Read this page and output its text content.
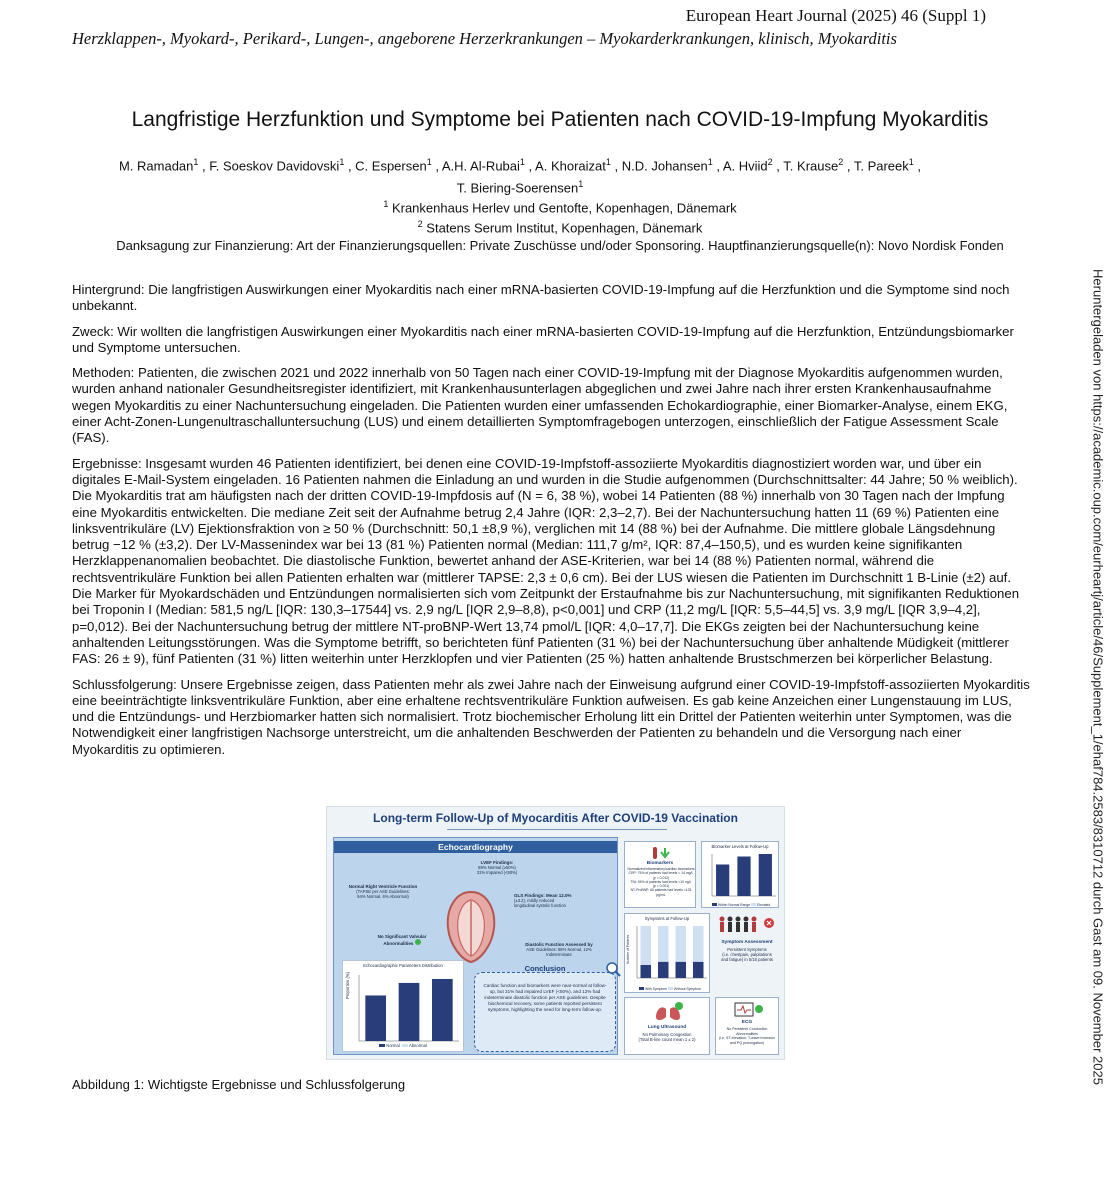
European Heart Journal (2025) 46 (Suppl 1)
Herzklappen-, Myokard-, Perikard-, Lungen-, angeborene Herzerkrankungen – Myokarderkrankungen, klinisch, Myokarditis
Langfristige Herzfunktion und Symptome bei Patienten nach COVID-19-Impfung Myokarditis
M. Ramadan$^1$ , F. Soeskov Davidovski$^1$ , C. Espersen$^1$ , A.H. Al-Rubai$^1$ , A. Khoraizat$^1$ , N.D. Johansen$^1$ , A. Hviid$^2$ , T. Krause$^2$ , T. Pareek$^1$ ,
T. Biering-Soerensen$^1$
$^1$ Krankenhaus Herlev und Gentofte, Kopenhagen, Dänemark
$^2$ Statens Serum Institut, Kopenhagen, Dänemark
Danksagung zur Finanzierung: Art der Finanzierungsquellen: Private Zuschüsse und/oder Sponsoring. Hauptfinanzierungsquelle(n): Novo Nordisk Fonden

Hintergrund: Die langfristigen Auswirkungen einer Myokarditis nach einer mRNA-basierten COVID-19-Impfung auf die Herzfunktion und die Symptome sind noch unbekannt.

Zweck: Wir wollten die langfristigen Auswirkungen einer Myokarditis nach einer mRNA-basierten COVID-19-Impfung auf die Herzfunktion, Entzündungsbiomarker und Symptome untersuchen.

Methoden: Patienten, die zwischen 2021 und 2022 innerhalb von 50 Tagen nach einer COVID-19-Impfung mit der Diagnose Myokarditis aufgenommen wurden, wurden anhand nationaler Gesundheitsregister identifiziert, mit Krankenhausunterlagen abgeglichen und zwei Jahre nach ihrer ersten Krankenhausaufnahme wegen Myokarditis zu einer Nachuntersuchung eingeladen. Die Patienten wurden einer umfassenden Echokardiographie, einer Biomarker-Analyse, einem EKG, einer Acht-Zonen-Lungenultraschalluntersuchung (LUS) und einem detaillierten Symptomfragebogen unterzogen, einschließlich der Fatigue Assessment Scale (FAS).

Ergebnisse: Insgesamt wurden 46 Patienten identifiziert, bei denen eine COVID-19-Impfstoff-assoziierte Myokarditis diagnostiziert worden war, und über ein digitales E-Mail-System eingeladen. 16 Patienten nahmen die Einladung an und wurden in die Studie aufgenommen (Durchschnittsalter: 44 Jahre; 50 % weiblich). Die Myokarditis trat am häufigsten nach der dritten COVID-19-Impfdosis auf (N = 6, 38 %), wobei 14 Patienten (88 %) innerhalb von 30 Tagen nach der Impfung eine Myokarditis entwickelten. Die mediane Zeit seit der Aufnahme betrug 2,4 Jahre (IQR: 2,3–2,7). Bei der Nachuntersuchung hatten 11 (69 %) Patienten eine linksventrikuläre (LV) Ejektionsfraktion von ≥ 50 % (Durchschnitt: 50,1 ±8,9 %), verglichen mit 14 (88 %) bei der Aufnahme. Die mittlere globale Längsdehnung betrug −12 % (±3,2). Der LV-Massenindex war bei 13 (81 %) Patienten normal (Median: 111,7 g/m², IQR: 87,4–150,5), und es wurden keine signifikanten Herzklappenanomalien beobachtet. Die diastolische Funktion, bewertet anhand der ASE-Kriterien, war bei 14 (88 %) Patienten normal, während die rechtsventrikuläre Funktion bei allen Patienten erhalten war (mittlerer TAPSE: 2,3 ± 0,6 cm). Bei der LUS wiesen die Patienten im Durchschnitt 1 B-Linie (±2) auf. Die Marker für Myokardschäden und Entzündungen normalisierten sich vom Zeitpunkt der Erstaufnahme bis zur Nachuntersuchung, mit signifikanten Reduktionen bei Troponin I (Median: 581,5 ng/L [IQR: 130,3–17544] vs. 2,9 ng/L [IQR 2,9–8,8), p<0,001] und CRP (11,2 mg/L [IQR: 5,5–44,5] vs. 3,9 mg/L [IQR 3,9–4,2], p=0,012). Bei der Nachuntersuchung betrug der mittlere NT-proBNP-Wert 13,74 pmol/L [IQR: 4,0–17,7]. Die EKGs zeigten bei der Nachuntersuchung keine anhaltenden Leitungsstörungen. Was die Symptome betrifft, so berichteten fünf Patienten (31 %) bei der Nachuntersuchung über anhaltende Müdigkeit (mittlerer FAS: 26 ± 9), fünf Patienten (31 %) litten weiterhin unter Herzklopfen und vier Patienten (25 %) hatten anhaltende Brustschmerzen bei körperlicher Belastung.

Schlussfolgerung: Unsere Ergebnisse zeigen, dass Patienten mehr als zwei Jahre nach der Einweisung aufgrund einer COVID-19-Impfstoff-assoziierten Myokarditis eine beeinträchtigte linksventrikuläre Funktion, aber eine erhaltene rechtsventrikuläre Funktion aufweisen. Es gab keine Anzeichen einer Lungenstauung im LUS, und die Entzündungs- und Herzbiomarker hatten sich normalisiert. Trotz biochemischer Erholung litt ein Drittel der Patienten weiterhin unter Symptomen, was die Notwendigkeit einer langfristigen Nachsorge unterstreicht, um die anhaltenden Beschwerden der Patienten zu behandeln und die Versorgung nach einer Myokarditis zu optimieren.	Heruntergeladen von https://academic.oup.com/eurheartj/article/46/Supplement_1/ehaf784.2583/8310712 durch Gast am 09. November 2025
Long-term Follow-Up of Myocarditis After COVID-19 Vaccination
Echocardiography
LVEF Findings:
69% Normal (≥50%)
31% Impaired (<50%)
Normal Right Ventricle Function
(TAPSE per ASE Guidelines:
94% Normal, 6% Abnormal)	GLS Findings: Mean 12.0%
(±3.2), mildly reduced
longitudinal systolic function
No Significant Valvular
Abnormalities	Diastolic Function Assessed by
ASE Guidelines: 88% Normal, 12%
Indeterminate
Echocardiographic Parameters Distribution
Proportion (%)
Normal Abnormal
Conclusion
Cardiac function and biomarkers were near-normal at follow-up, but 31% had impaired LVEF (<50%), and 12% had indeterminate diastolic function per ASE guidelines. Despite biochemical recovery, some patients reported persistent symptoms, highlighting the need for long-term follow-up.
Biomarkers
Normalized inflammatory/cardiac biomarkers
CRP: 75% of patients had levels < 14 mg/L
(p = 0.012)
TNI: 94% of patients had levels <10 ng/L
(p < 0.001)
NT-ProBNP: All patients had levels <125 pg/mL
Biomarker Levels at Follow-Up
Within Normal Range Elevated
Symptoms at Follow-Up
Number of Patients
With Symptom Without Symptom
Symptom Assessment
Persistent Symptoms
(i.e. chestpain, palpitations
and fatigue) in 5/16 patients
Lung Ultrasound
No Pulmonary Congestion
(Total B-line count mean 1 ± 2)
ECG
No Persistent Conduction
Abnormalities
(i.e. ST-elevation, T-wave inversion
and PQ prolongation)
Abbildung 1: Wichtigste Ergebnisse und Schlussfolgerung
